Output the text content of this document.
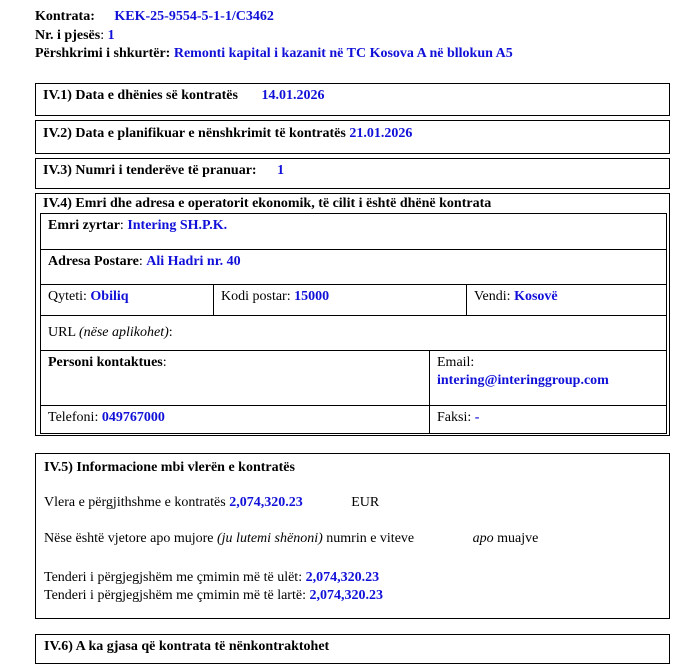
Kontrata: KEK-25-9554-5-1-1/C3462
Nr. i pjesës: 1
Përshkrimi i shkurtër: Remonti kapital i kazanit në TC Kosova A në bllokun A5
IV.1) Data e dhënies së kontratës 14.01.2026
IV.2) Data e planifikuar e nënshkrimit të kontratës 21.01.2026
IV.3) Numri i tenderëve të pranuar: 1
IV.4) Emri dhe adresa e operatorit ekonomik, të cilit i është dhënë kontrata
Emri zyrtar: Intering SH.P.K.
Adresa Postare: Ali Hadri nr. 40
Qyteti: Obiliq	Kodi postar: 15000	Vendi: Kosovë
URL (nëse aplikohet):
Personi kontaktues:	Email:
intering@interinggroup.com
Telefoni: 049767000	Faksi: -
IV.5) Informacione mbi vlerën e kontratës
Vlera e përgjithshme e kontratës 2,074,320.23	EUR
Nëse është vjetore apo mujore (ju lutemi shënoni) numrin e viteve	apo muajve
Tenderi i përgjegjshëm me çmimin më të ulët: 2,074,320.23
Tenderi i përgjegjshëm me çmimin më të lartë: 2,074,320.23
IV.6) A ka gjasa që kontrata të nënkontraktohet
